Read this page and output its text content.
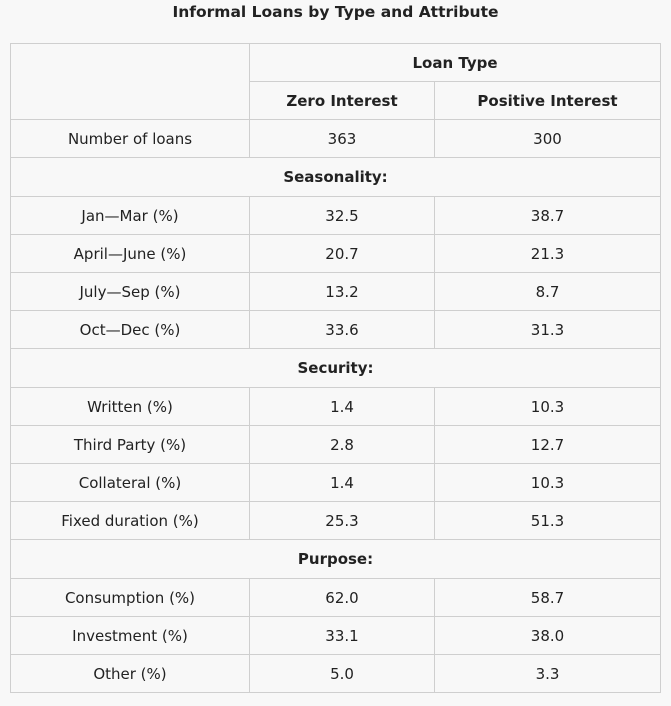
Informal Loans by Type and Attribute
	Loan Type	
	Zero Interest	Positive Interest
Number of loans	363	300
Seasonality:		
Jan—Mar (%)	32.5	38.7
April—June (%)	20.7	21.3
July—Sep (%)	13.2	8.7
Oct—Dec (%)	33.6	31.3
Security:		
Written (%)	1.4	10.3
Third Party (%)	2.8	12.7
Collateral (%)	1.4	10.3
Fixed duration (%)	25.3	51.3
Purpose:		
Consumption (%)	62.0	58.7
Investment (%)	33.1	38.0
Other (%)	5.0	3.3
